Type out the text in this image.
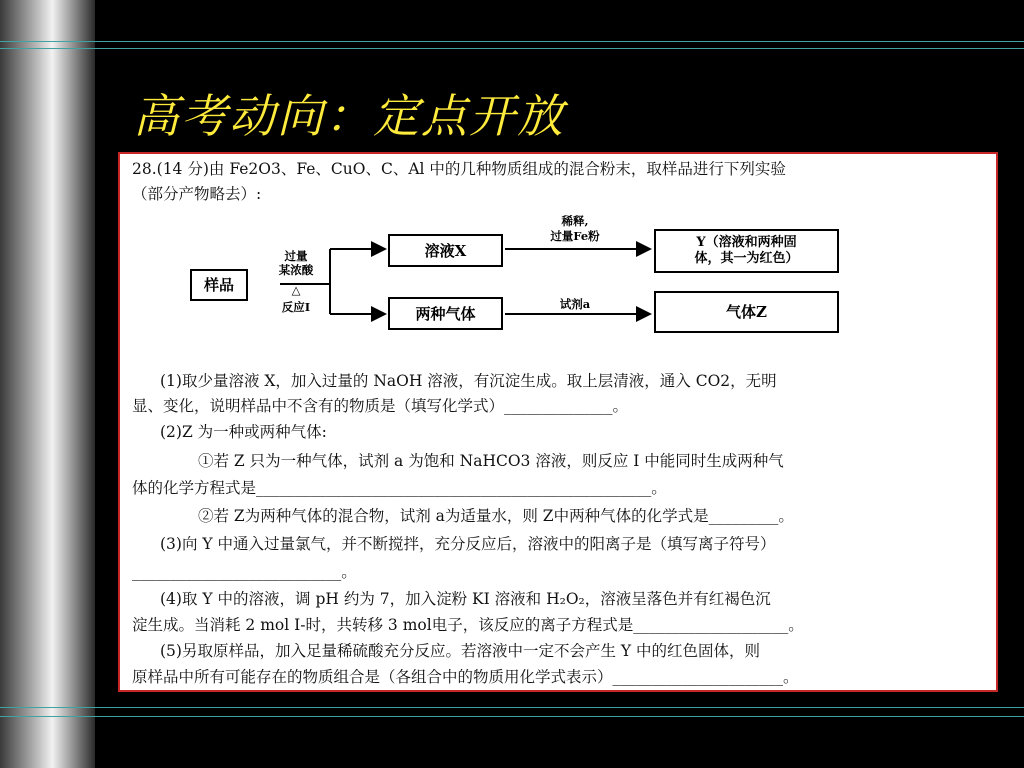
高考动向：定点开放
28.(14 分)由 Fe2O3、Fe、CuO、C、Al 中的几种物质组成的混合粉末，取样品进行下列实验
（部分产物略去）:
样品
过量
某浓酸
△
反应Ⅰ
溶液X
两种气体
稀释,
过量Fe粉
试剂a
Y（溶液和两种固
体，其一为红色）
气体Z
(1)取少量溶液 X，加入过量的 NaOH 溶液，有沉淀生成。取上层清液，通入 CO2，无明
显、变化，说明样品中不含有的物质是（填写化学式）______________。
(2)Z 为一种或两种气体:
①若 Z 只为一种气体，试剂 a 为饱和 NaHCO3 溶液，则反应 I 中能同时生成两种气
体的化学方程式是___________________________________________________。
②若 Z为两种气体的混合物，试剂 a为适量水，则 Z中两种气体的化学式是_________。
(3)向 Y 中通入过量氯气，并不断搅拌，充分反应后，溶液中的阳离子是（填写离子符号）
___________________________。
(4)取 Y 中的溶液，调 pH 约为 7，加入淀粉 KI 溶液和 H₂O₂，溶液呈落色并有红褐色沉
淀生成。当消耗 2 mol I-时，共转移 3 mol电子，该反应的离子方程式是____________________。
(5)另取原样品，加入足量稀硫酸充分反应。若溶液中一定不会产生 Y 中的红色固体，则
原样品中所有可能存在的物质组合是（各组合中的物质用化学式表示）______________________。
